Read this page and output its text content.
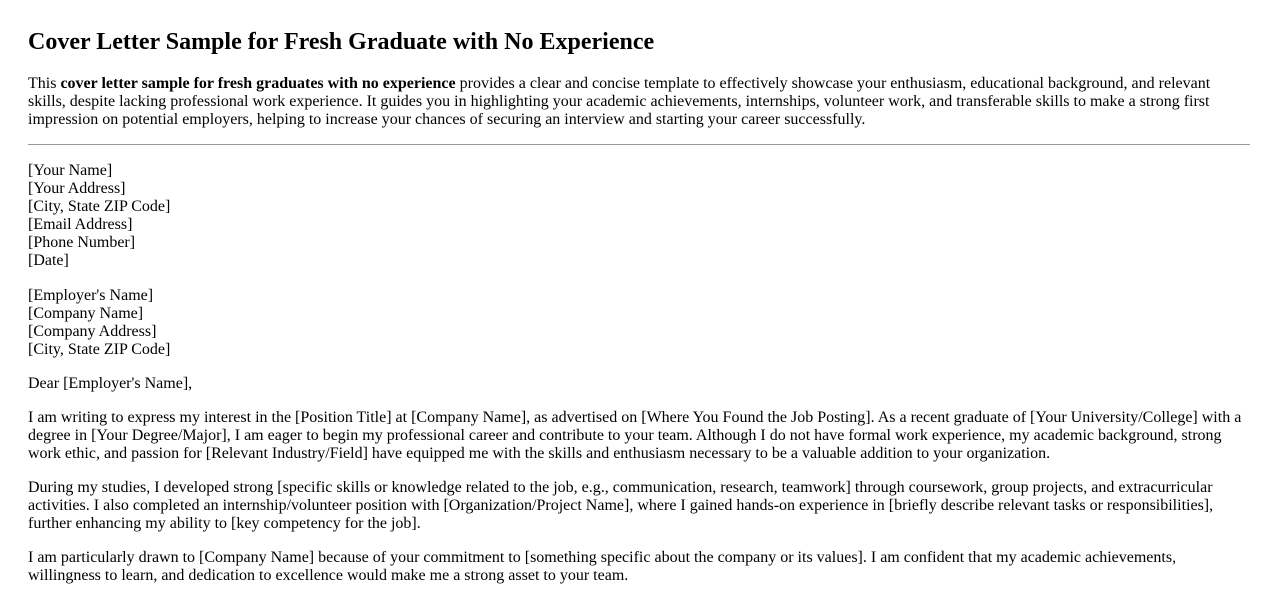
Cover Letter Sample for Fresh Graduate with No Experience

This cover letter sample for fresh graduates with no experience provides a clear and concise template to effectively showcase your enthusiasm, educational background, and relevant skills, despite lacking professional work experience. It guides you in highlighting your academic achievements, internships, volunteer work, and transferable skills to make a strong first impression on potential employers, helping to increase your chances of securing an interview and starting your career successfully.

[Your Name]
[Your Address]
[City, State ZIP Code]
[Email Address]
[Phone Number]
[Date]
[Employer's Name]
[Company Name]
[Company Address]
[City, State ZIP Code]

Dear [Employer's Name],

I am writing to express my interest in the [Position Title] at [Company Name], as advertised on [Where You Found the Job Posting]. As a recent graduate of [Your University/College] with a degree in [Your Degree/Major], I am eager to begin my professional career and contribute to your team. Although I do not have formal work experience, my academic background, strong work ethic, and passion for [Relevant Industry/Field] have equipped me with the skills and enthusiasm necessary to be a valuable addition to your organization.

During my studies, I developed strong [specific skills or knowledge related to the job, e.g., communication, research, teamwork] through coursework, group projects, and extracurricular activities. I also completed an internship/volunteer position with [Organization/Project Name], where I gained hands-on experience in [briefly describe relevant tasks or responsibilities], further enhancing my ability to [key competency for the job].

I am particularly drawn to [Company Name] because of your commitment to [something specific about the company or its values]. I am confident that my academic achievements, willingness to learn, and dedication to excellence would make me a strong asset to your team.
